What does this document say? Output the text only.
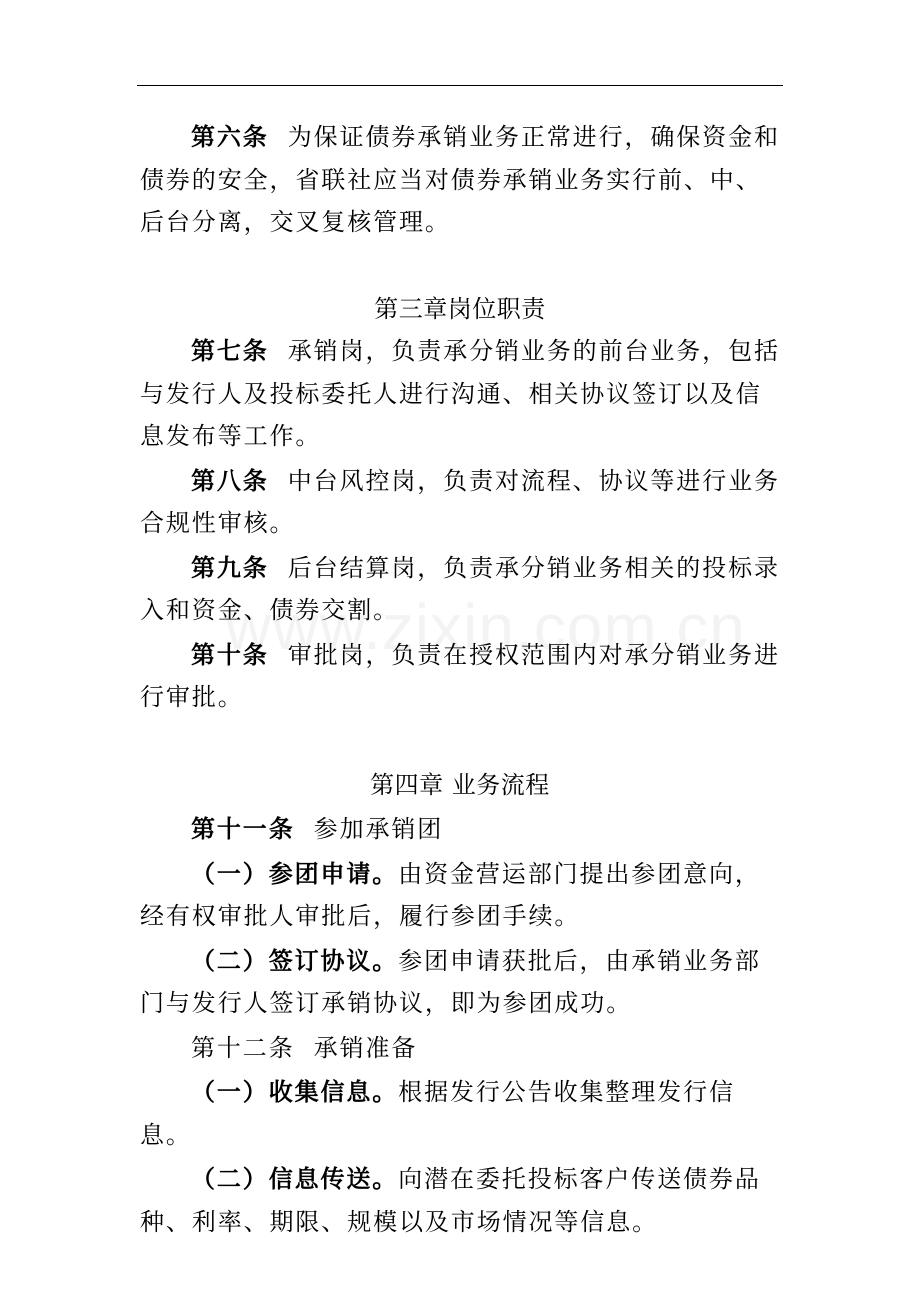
第六条 为保证债券承销业务正常进行，确保资金和债券的安全，省联社应当对债券承销业务实行前、中、后台分离，交叉复核管理。

第三章岗位职责

第七条 承销岗，负责承分销业务的前台业务，包括与发行人及投标委托人进行沟通、相关协议签订以及信息发布等工作。

第八条 中台风控岗，负责对流程、协议等进行业务合规性审核。

第九条 后台结算岗，负责承分销业务相关的投标录入和资金、债券交割。

第十条 审批岗，负责在授权范围内对承分销业务进行审批。

第四章 业务流程

第十一条 参加承销团

（一）参团申请。由资金营运部门提出参团意向，经有权审批人审批后，履行参团手续。

（二）签订协议。参团申请获批后，由承销业务部门与发行人签订承销协议，即为参团成功。

第十二条 承销准备

（一）收集信息。根据发行公告收集整理发行信息。

（二）信息传送。向潜在委托投标客户传送债券品种、利率、期限、规模以及市场情况等信息。
